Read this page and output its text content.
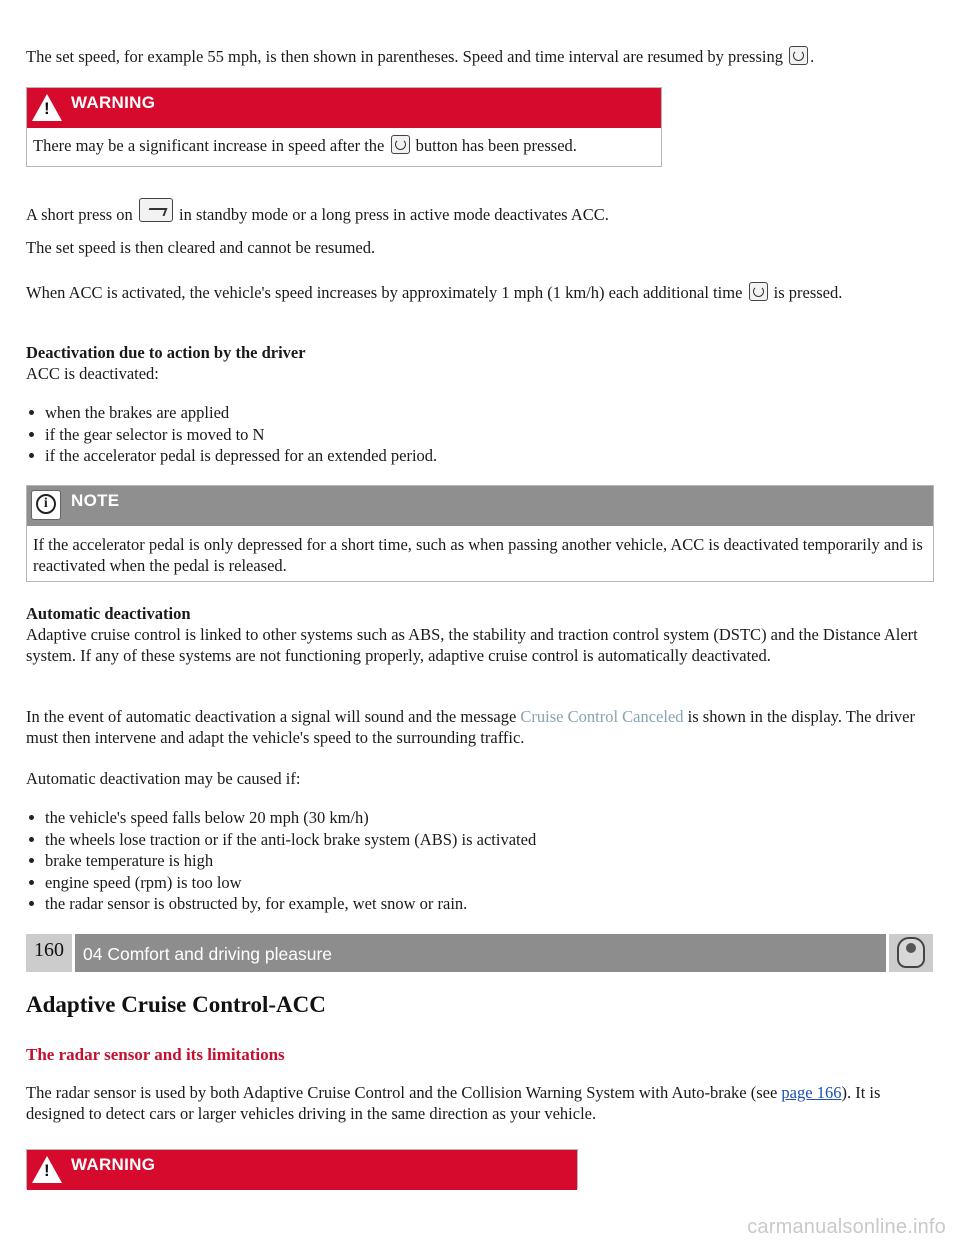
The set speed, for example 55 mph, is then shown in parentheses. Speed and time interval are resumed by pressing .

!
WARNING
There may be a significant increase in speed after the  button has been pressed.

A short press on  in standby mode or a long press in active mode deactivates ACC.

The set speed is then cleared and cannot be resumed.

When ACC is activated, the vehicle's speed increases by approximately 1 mph (1 km/h) each additional time  is pressed.

Deactivation due to action by the driver

ACC is deactivated:

when the brakes are applied
if the gear selector is moved to N
if the accelerator pedal is depressed for an extended period.
i
NOTE
If the accelerator pedal is only depressed for a short time, such as when passing another vehicle, ACC is deactivated temporarily and is reactivated when the pedal is released.

Automatic deactivation

Adaptive cruise control is linked to other systems such as ABS, the stability and traction control system (DSTC) and the Distance Alert system. If any of these systems are not functioning properly, adaptive cruise control is automatically deactivated.

In the event of automatic deactivation a signal will sound and the message Cruise Control Canceled is shown in the display. The driver must then intervene and adapt the vehicle's speed to the surrounding traffic.

Automatic deactivation may be caused if:

the vehicle's speed falls below 20 mph (30 km/h)
the wheels lose traction or if the anti-lock brake system (ABS) is activated
brake temperature is high
engine speed (rpm) is too low
the radar sensor is obstructed by, for example, wet snow or rain.
160	04 Comfort and driving pleasure
Adaptive Cruise Control-ACC
The radar sensor and its limitations

The radar sensor is used by both Adaptive Cruise Control and the Collision Warning System with Auto-brake (see page 166). It is designed to detect cars or larger vehicles driving in the same direction as your vehicle.

!
WARNING
carmanualsonline.info
